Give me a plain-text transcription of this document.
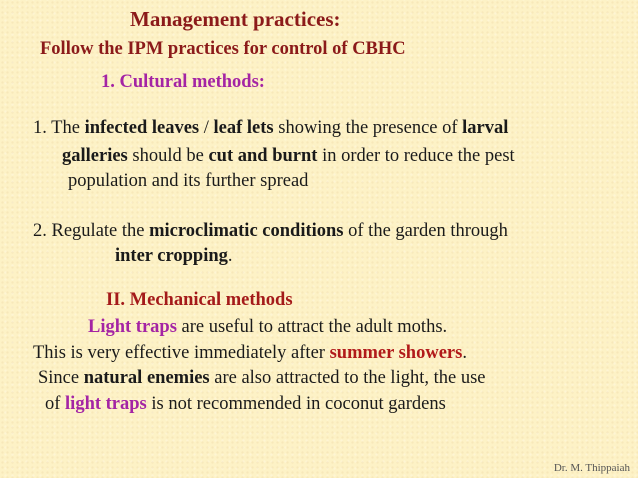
Management practices:
Follow the IPM practices for control of CBHC
1. Cultural methods:
1. The infected leaves / leaf lets showing the presence of larval
galleries should be cut and burnt in order to reduce the pest
population and its further spread
2. Regulate the microclimatic conditions of the garden through
inter cropping.
II. Mechanical methods
Light traps are useful to attract the adult moths.
This is very effective immediately after summer showers.
Since natural enemies are also attracted to the light, the use
of light traps is not recommended in coconut gardens
Dr. M. Thippaiah
